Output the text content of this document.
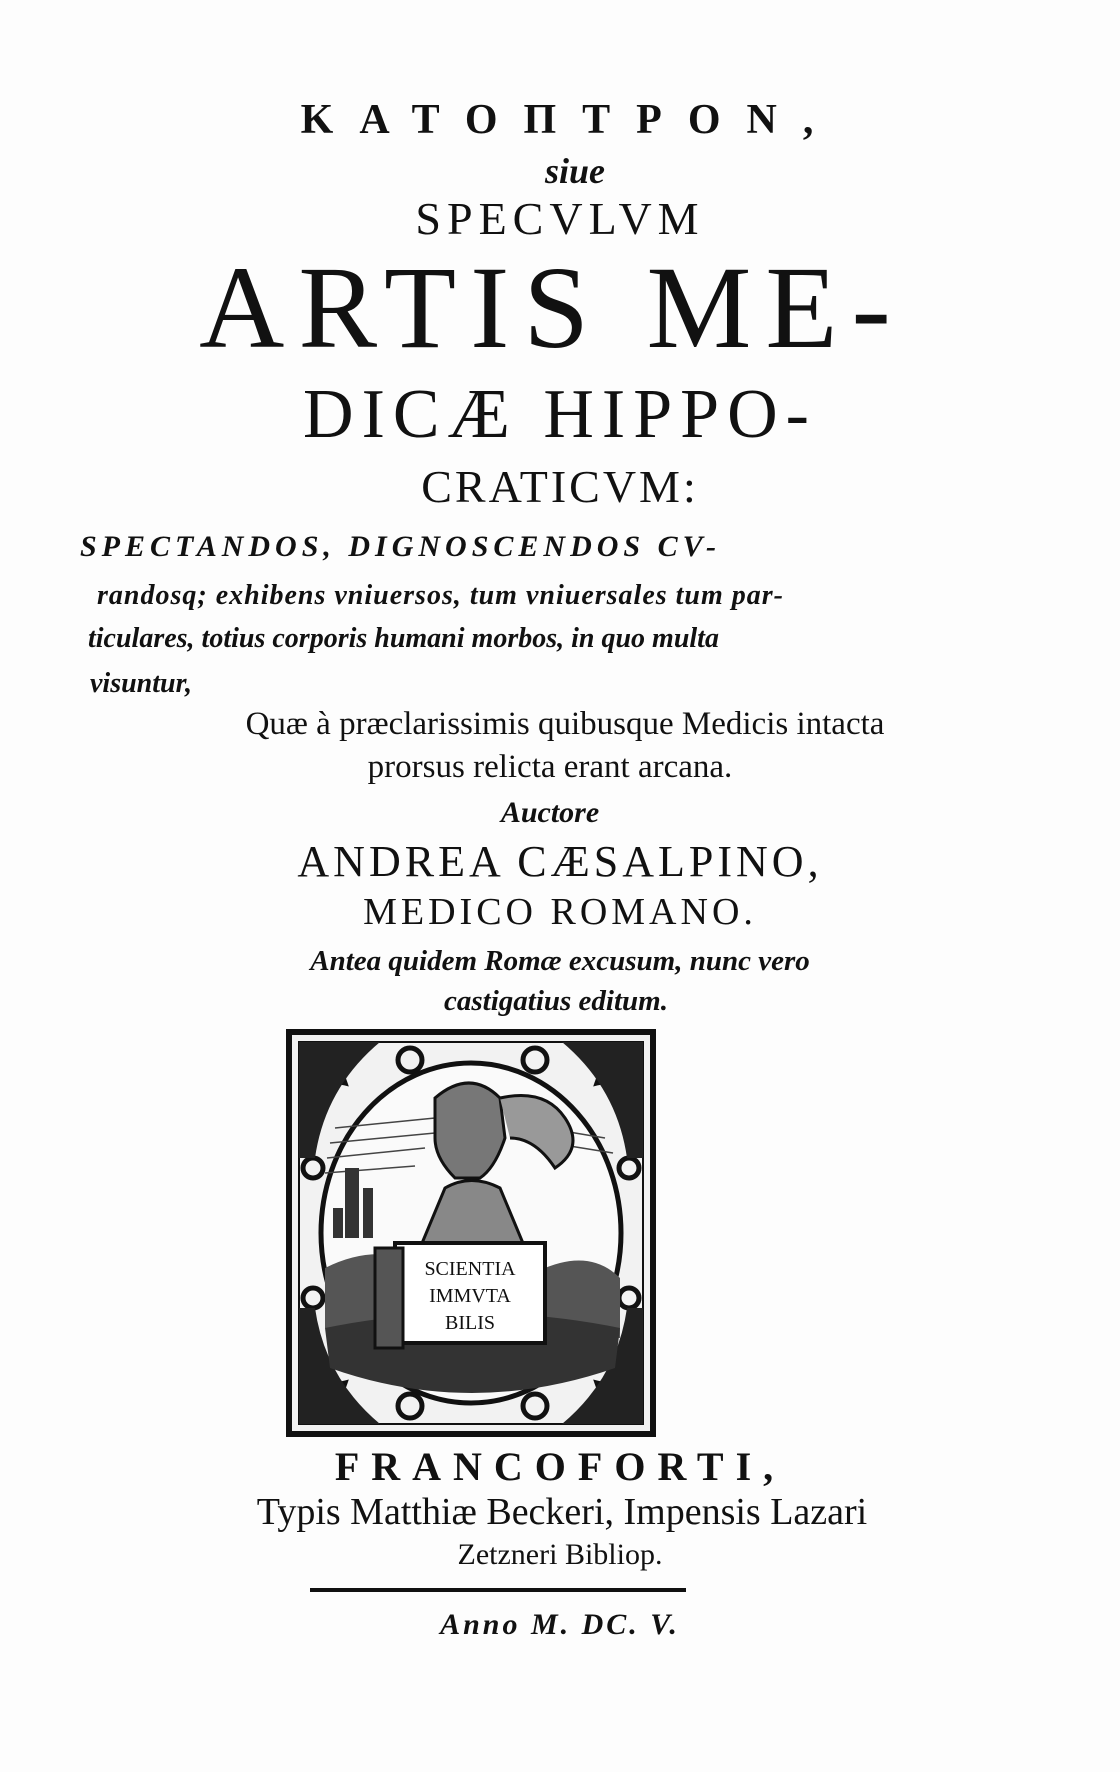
ΚΑΤΟΠΤΡΟΝ,
siue
SPECVLVM
ARTIS ME-
DICÆ HIPPO-
CRATICVM:
SPECTANDOS, DIGNOSCENDOS CV-
randosq; exhibens vniuersos, tum vniuersales tum par-
ticulares, totius corporis humani morbos, in quo multa
visuntur,
Quæ à præclarissimis quibusque Medicis intacta
prorsus relicta erant arcana.
Auctore
ANDREA CÆSALPINO,
MEDICO ROMANO.
Antea quidem Romæ excusum, nunc vero
castigatius editum.
SCIENTIA
IMMVTA
BILIS
FRANCOFORTI,
Typis Matthiæ Beckeri, Impensis Lazari
Zetzneri Bibliop.
Anno M. DC. V.
